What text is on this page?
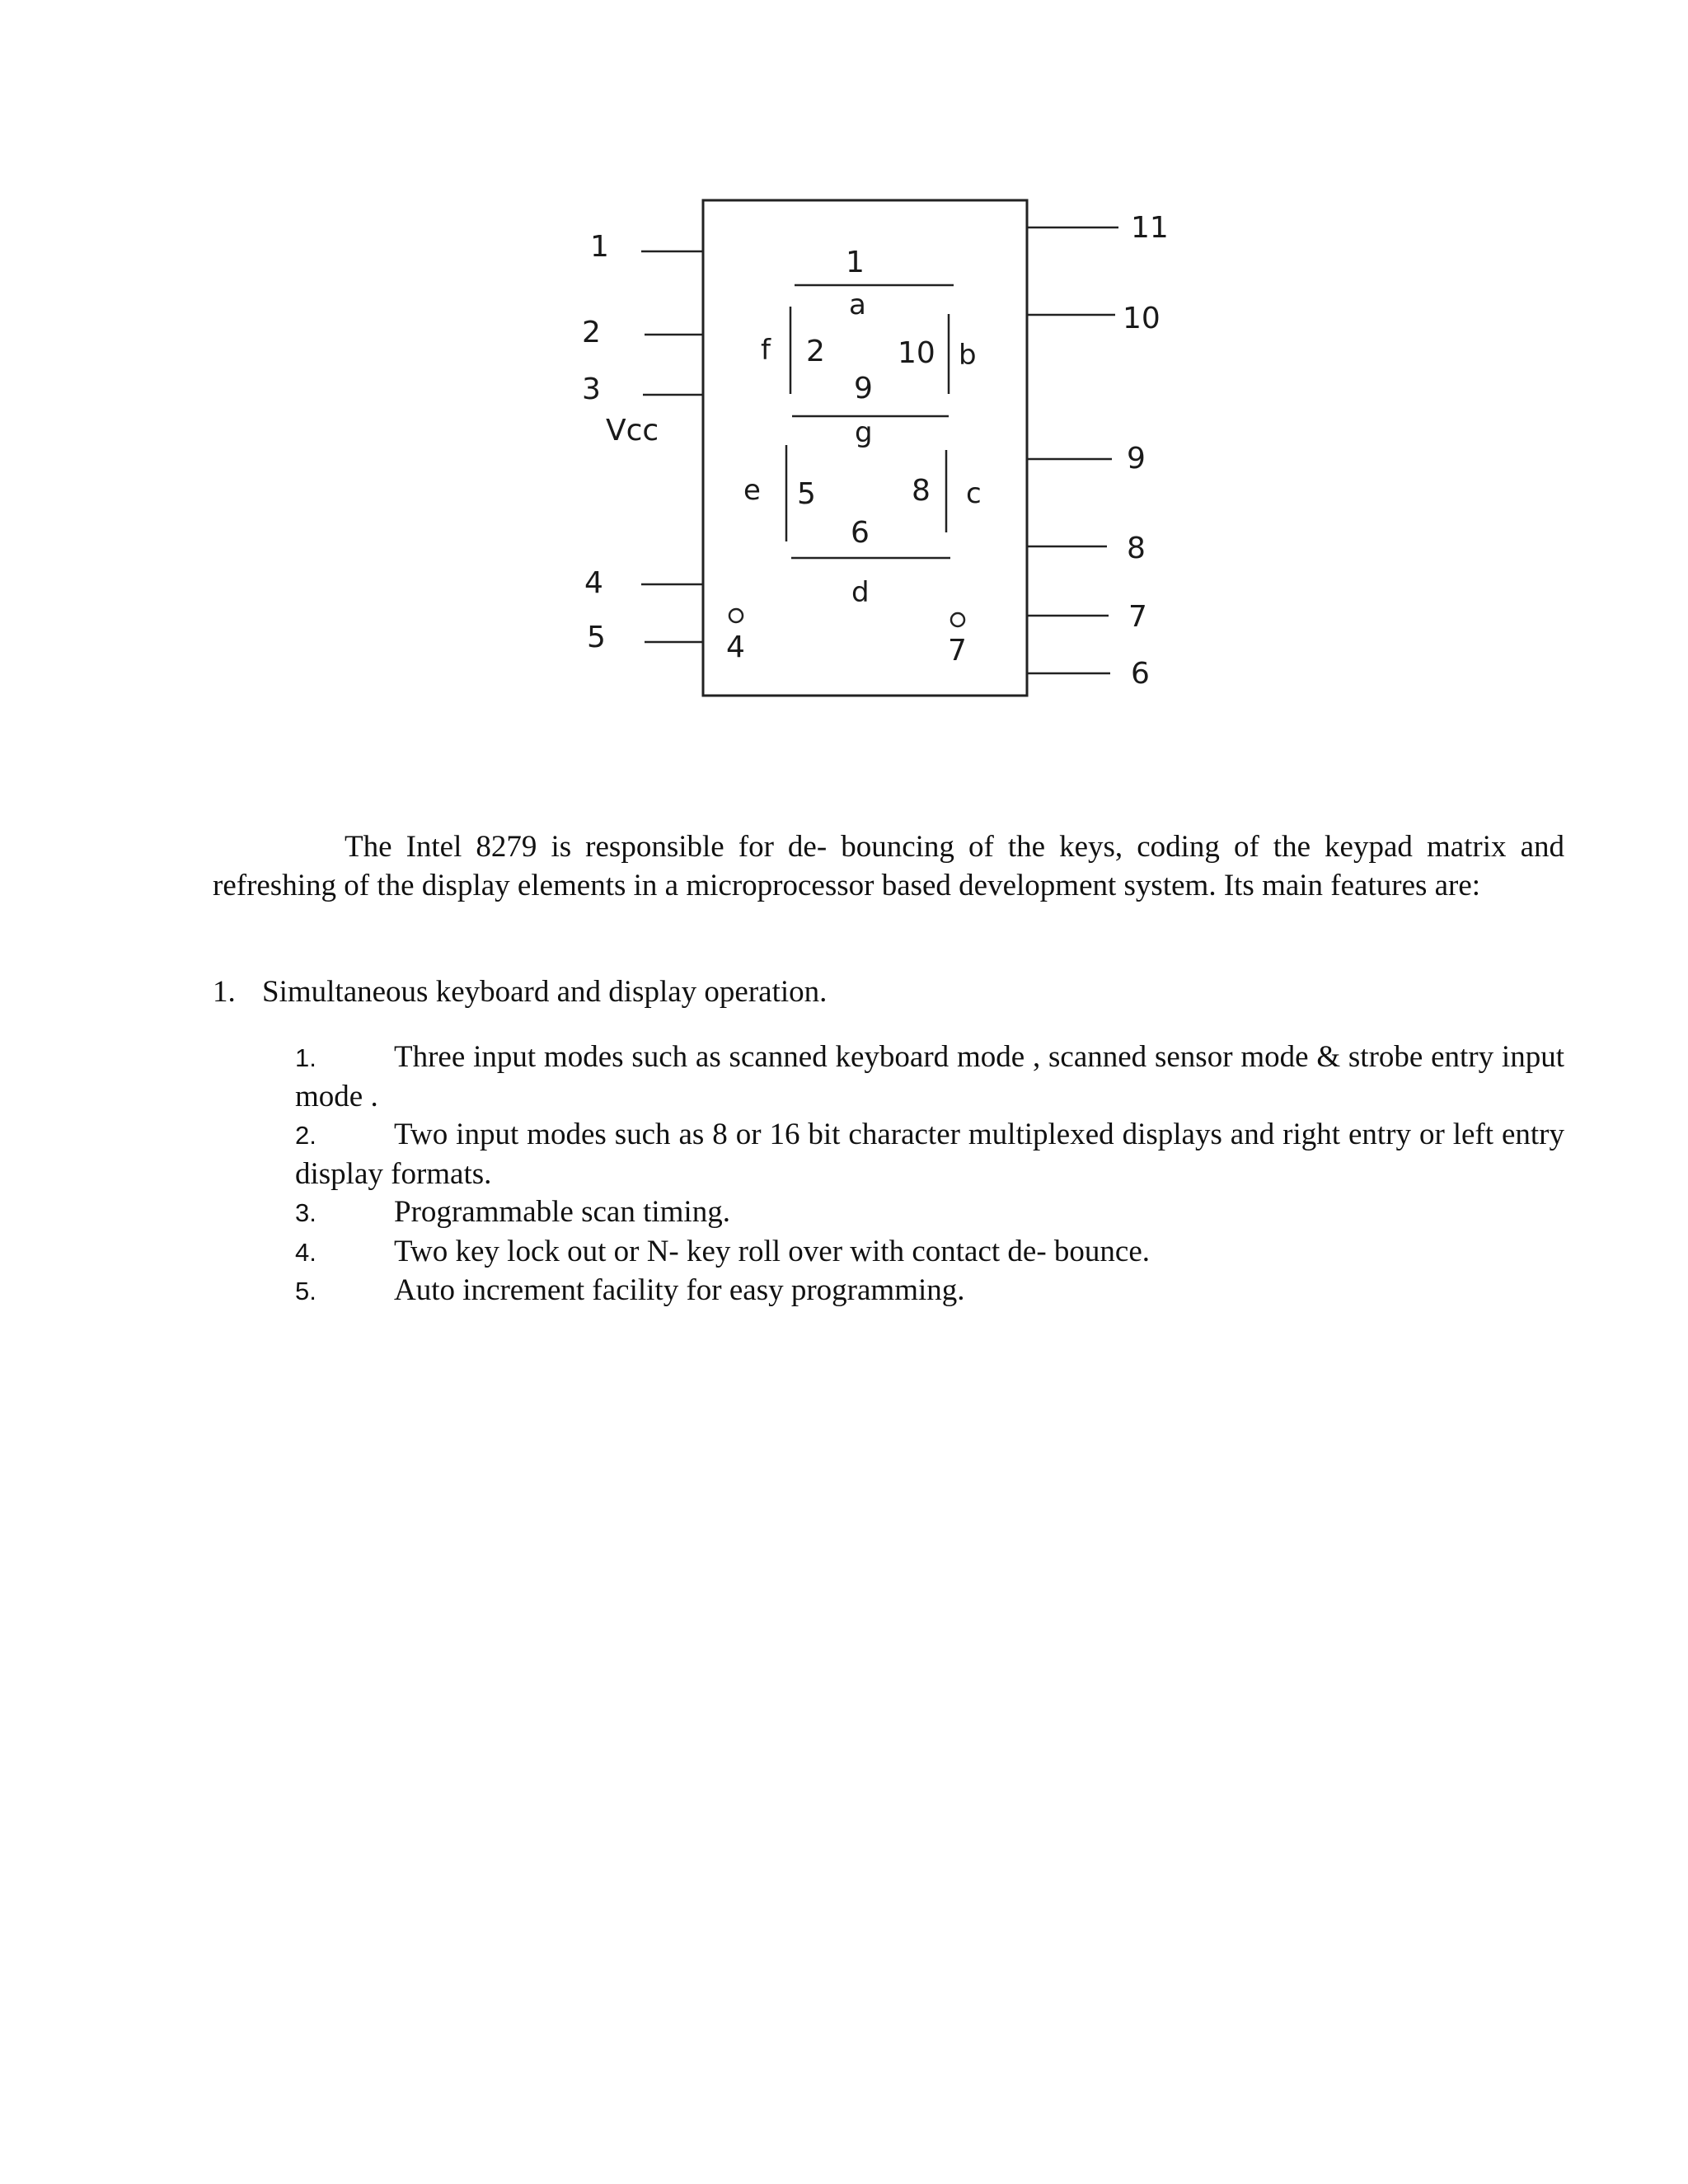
1
2
3
Vcc
4
5
11
10
9
8
7
6
1
a
f 2 10 b
9
g
e 5	8 c
6
d
4	7

The Intel 8279 is responsible for de- bouncing of the keys, coding of the keypad matrix and refreshing of the display elements in a microprocessor based development system. Its main features are:

1. Simultaneous keyboard and display operation.
1.	Three input modes such as scanned keyboard mode , scanned sensor mode & strobe entry input mode .
2.	Two input modes such as 8 or 16 bit character multiplexed displays and right entry or left entry display formats.
3.	Programmable scan timing.
4.	Two key lock out or N- key roll over with contact de- bounce.
5.	Auto increment facility for easy programming.
